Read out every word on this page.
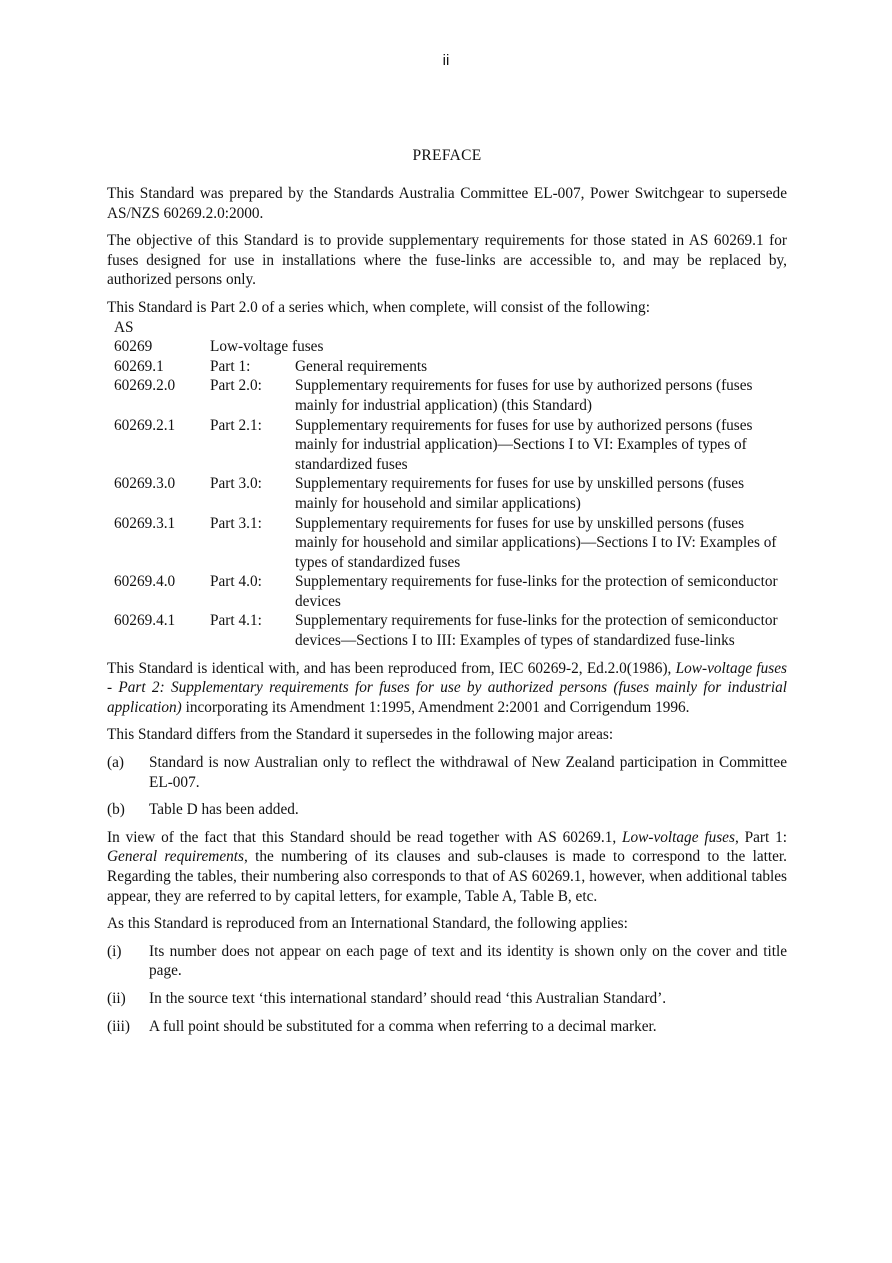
ii
PREFACE

This Standard was prepared by the Standards Australia Committee EL-007, Power Switchgear to supersede AS/NZS 60269.2.0:2000.

The objective of this Standard is to provide supplementary requirements for those stated in AS 60269.1 for fuses designed for use in installations where the fuse-links are accessible to, and may be replaced by, authorized persons only.

This Standard is Part 2.0 of a series which, when complete, will consist of the following:

AS
60269	Low-voltage fuses
60269.1	Part 1:	General requirements
60269.2.0	Part 2.0:	Supplementary requirements for fuses for use by authorized persons (fuses mainly for industrial application) (this Standard)
60269.2.1	Part 2.1:	Supplementary requirements for fuses for use by authorized persons (fuses mainly for industrial application)—Sections I to VI: Examples of types of standardized fuses
60269.3.0	Part 3.0:	Supplementary requirements for fuses for use by unskilled persons (fuses mainly for household and similar applications)
60269.3.1	Part 3.1:	Supplementary requirements for fuses for use by unskilled persons (fuses mainly for household and similar applications)—Sections I to IV: Examples of types of standardized fuses
60269.4.0	Part 4.0:	Supplementary requirements for fuse-links for the protection of semiconductor devices
60269.4.1	Part 4.1:	Supplementary requirements for fuse-links for the protection of semiconductor devices—Sections I to III: Examples of types of standardized fuse-links

This Standard is identical with, and has been reproduced from, IEC 60269-2, Ed.2.0(1986), Low-voltage fuses - Part 2: Supplementary requirements for fuses for use by authorized persons (fuses mainly for industrial application) incorporating its Amendment 1:1995, Amendment 2:2001 and Corrigendum 1996.

This Standard differs from the Standard it supersedes in the following major areas:

(a)	Standard is now Australian only to reflect the withdrawal of New Zealand participation in Committee EL-007.
(b)	Table D has been added.

In view of the fact that this Standard should be read together with AS 60269.1, Low-voltage fuses, Part 1: General requirements, the numbering of its clauses and sub-clauses is made to correspond to the latter. Regarding the tables, their numbering also corresponds to that of AS 60269.1, however, when additional tables appear, they are referred to by capital letters, for example, Table A, Table B, etc.

As this Standard is reproduced from an International Standard, the following applies:

(i)	Its number does not appear on each page of text and its identity is shown only on the cover and title page.
(ii)	In the source text ‘this international standard’ should read ‘this Australian Standard’.
(iii)	A full point should be substituted for a comma when referring to a decimal marker.
